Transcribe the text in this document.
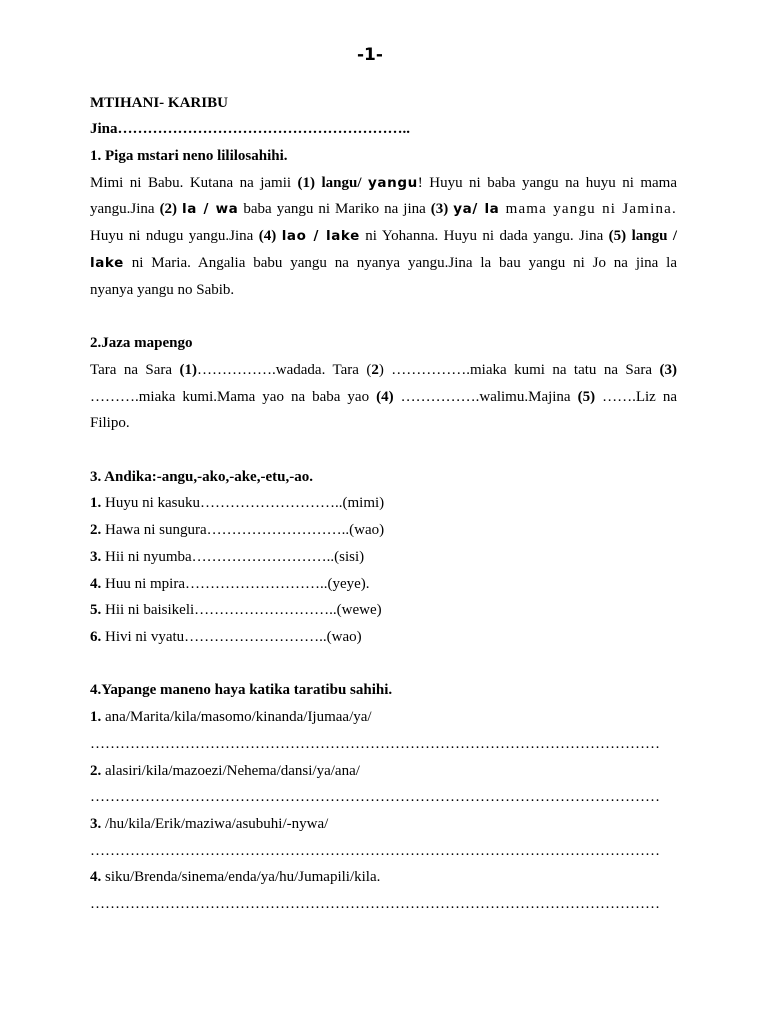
-1-
MTIHANI- KARIBU
Jina…………………………………………………..
1. Piga mstari neno lililosahihi.
Mimi ni Babu. Kutana na jamii (1) langu/ yangu! Huyu ni baba yangu na huyu ni mama
yangu.Jina (2) la / wa baba yangu ni Mariko na jina (3) ya/ la mama yangu ni Jamina.
Huyu ni ndugu yangu.Jina (4) lao / lake ni Yohanna. Huyu ni dada yangu. Jina (5) langu /
lake ni Maria. Angalia babu yangu na nyanya yangu.Jina la bau yangu ni Jo na jina la
nyanya yangu no Sabib.
2.Jaza mapengo
Tara na Sara (1)…………….wadada. Tara (2) …………….miaka kumi na tatu na Sara (3)
……….miaka kumi.Mama yao na baba yao (4) …………….walimu.Majina (5) …….Liz na
Filipo.
3. Andika:-angu,-ako,-ake,-etu,-ao.
1. Huyu ni kasuku………………………..(mimi)
2. Hawa ni sungura………………………..(wao)
3. Hii ni nyumba………………………..(sisi)
4. Huu ni mpira………………………..(yeye).
5. Hii ni baisikeli………………………..(wewe)
6. Hivi ni vyatu………………………..(wao)
4.Yapange maneno haya katika taratibu sahihi.
1. ana/Marita/kila/masomo/kinanda/Ijumaa/ya/
……………………………………………………………………………………………………
2. alasiri/kila/mazoezi/Nehema/dansi/ya/ana/
……………………………………………………………………………………………………
3. /hu/kila/Erik/maziwa/asubuhi/-nywa/
……………………………………………………………………………………………………
4. siku/Brenda/sinema/enda/ya/hu/Jumapili/kila.
……………………………………………………………………………………………………
